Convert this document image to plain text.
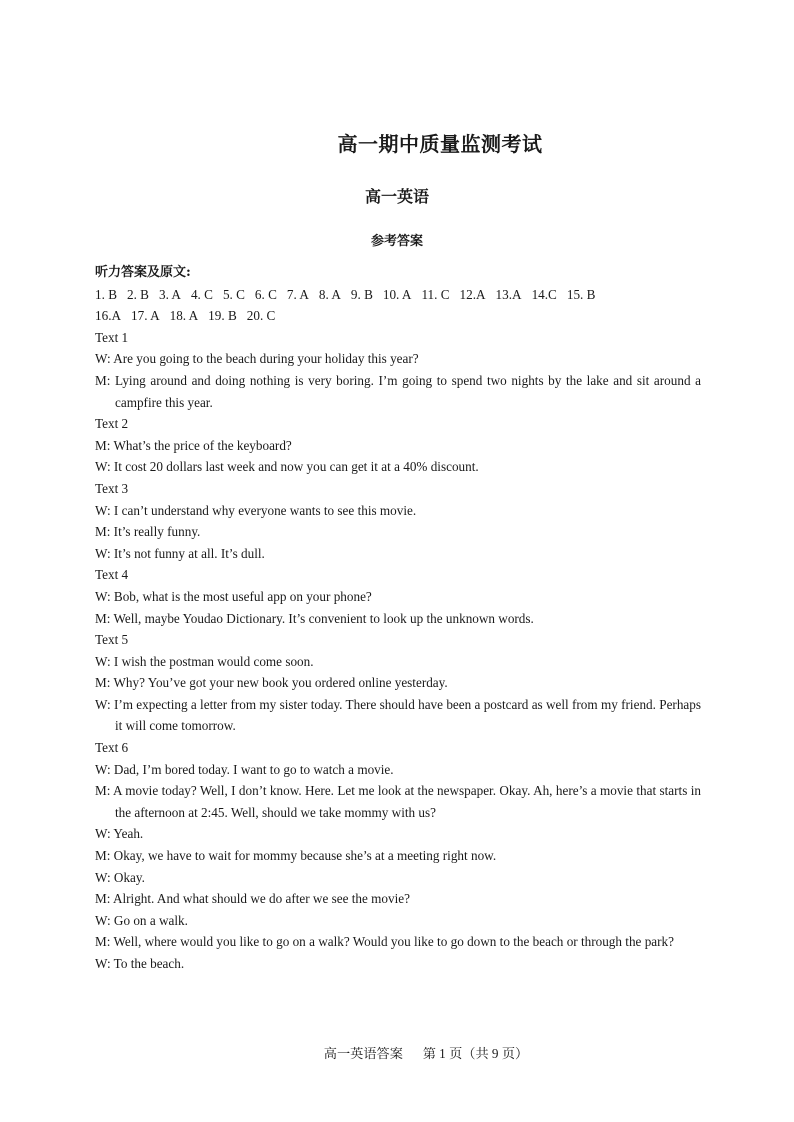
高一期中质量监测考试
高一英语
参考答案
听力答案及原文:
1. B 2. B 3. A 4. C 5. C 6. C 7. A 8. A 9. B 10. A 11. C 12.A 13.A 14.C 15. B
16.A 17. A 18. A 19. B 20. C
Text 1
W: Are you going to the beach during your holiday this year?
M: Lying around and doing nothing is very boring. I’m going to spend two nights by the lake and sit around a campfire this year.
Text 2
M: What’s the price of the keyboard?
W: It cost 20 dollars last week and now you can get it at a 40% discount.
Text 3
W: I can’t understand why everyone wants to see this movie.
M: It’s really funny.
W: It’s not funny at all. It’s dull.
Text 4
W: Bob, what is the most useful app on your phone?
M: Well, maybe Youdao Dictionary. It’s convenient to look up the unknown words.
Text 5
W: I wish the postman would come soon.
M: Why? You’ve got your new book you ordered online yesterday.
W: I’m expecting a letter from my sister today. There should have been a postcard as well from my friend. Perhaps it will come tomorrow.
Text 6
W: Dad, I’m bored today. I want to go to watch a movie.
M: A movie today? Well, I don’t know. Here. Let me look at the newspaper. Okay. Ah, here’s a movie that starts in the afternoon at 2:45. Well, should we take mommy with us?
W: Yeah.
M: Okay, we have to wait for mommy because she’s at a meeting right now.
W: Okay.
M: Alright. And what should we do after we see the movie?
W: Go on a walk.
M: Well, where would you like to go on a walk? Would you like to go down to the beach or through the park?
W: To the beach.
高一英语答案 第 1 页（共 9 页）
